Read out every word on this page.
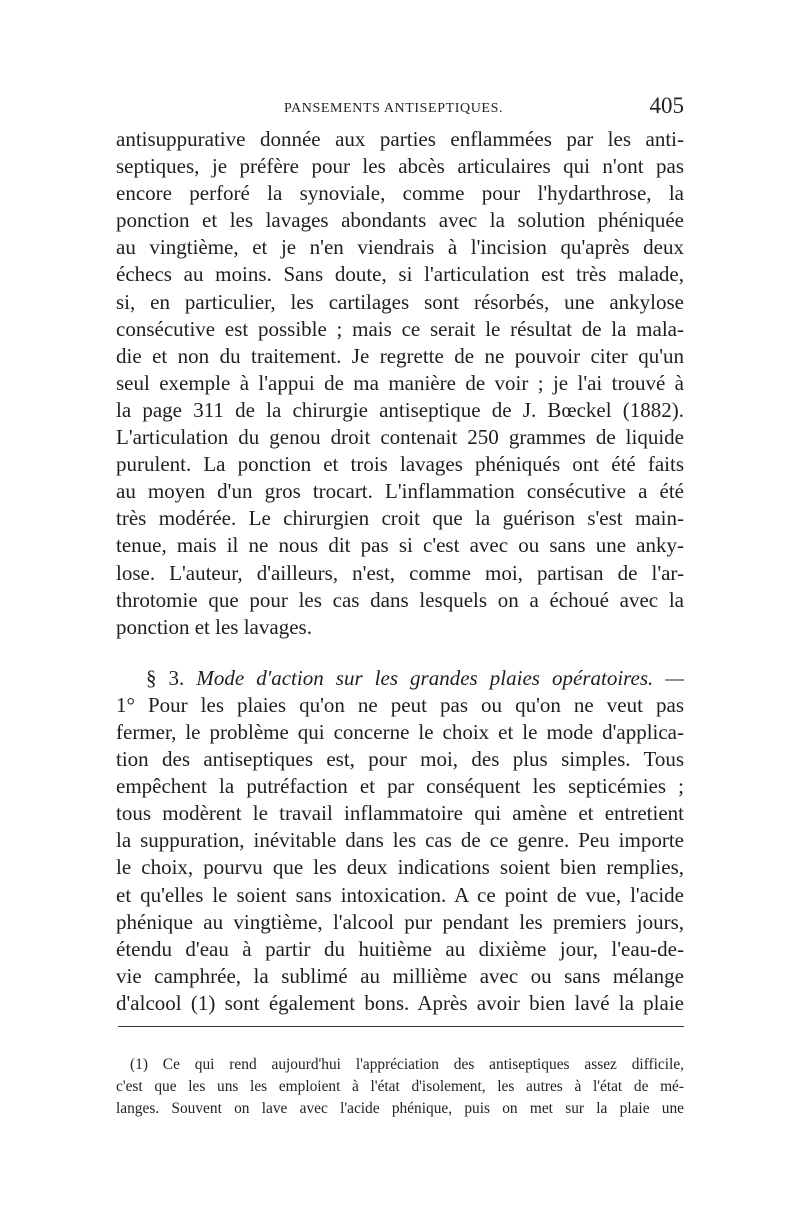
PANSEMENTS ANTISEPTIQUES.	405
antisuppurative donnée aux parties enflammées par les anti-
septiques, je préfère pour les abcès articulaires qui n'ont pas
encore perforé la synoviale, comme pour l'hydarthrose, la
ponction et les lavages abondants avec la solution phéniquée
au vingtième, et je n'en viendrais à l'incision qu'après deux
échecs au moins. Sans doute, si l'articulation est très malade,
si, en particulier, les cartilages sont résorbés, une ankylose
consécutive est possible ; mais ce serait le résultat de la mala-
die et non du traitement. Je regrette de ne pouvoir citer qu'un
seul exemple à l'appui de ma manière de voir ; je l'ai trouvé à
la page 311 de la chirurgie antiseptique de J. Bœckel (1882).
L'articulation du genou droit contenait 250 grammes de liquide
purulent. La ponction et trois lavages phéniqués ont été faits
au moyen d'un gros trocart. L'inflammation consécutive a été
très modérée. Le chirurgien croit que la guérison s'est main-
tenue, mais il ne nous dit pas si c'est avec ou sans une anky-
lose. L'auteur, d'ailleurs, n'est, comme moi, partisan de l'ar-
throtomie que pour les cas dans lesquels on a échoué avec la
ponction et les lavages.
§ 3. Mode d'action sur les grandes plaies opératoires. —
1° Pour les plaies qu'on ne peut pas ou qu'on ne veut pas
fermer, le problème qui concerne le choix et le mode d'applica-
tion des antiseptiques est, pour moi, des plus simples. Tous
empêchent la putréfaction et par conséquent les septicémies ;
tous modèrent le travail inflammatoire qui amène et entretient
la suppuration, inévitable dans les cas de ce genre. Peu importe
le choix, pourvu que les deux indications soient bien remplies,
et qu'elles le soient sans intoxication. A ce point de vue, l'acide
phénique au vingtième, l'alcool pur pendant les premiers jours,
étendu d'eau à partir du huitième au dixième jour, l'eau-de-
vie camphrée, la sublimé au millième avec ou sans mélange
d'alcool (1) sont également bons. Après avoir bien lavé la plaie
(1) Ce qui rend aujourd'hui l'appréciation des antiseptiques assez difficile,
c'est que les uns les emploient à l'état d'isolement, les autres à l'état de mé-
langes. Souvent on lave avec l'acide phénique, puis on met sur la plaie une
